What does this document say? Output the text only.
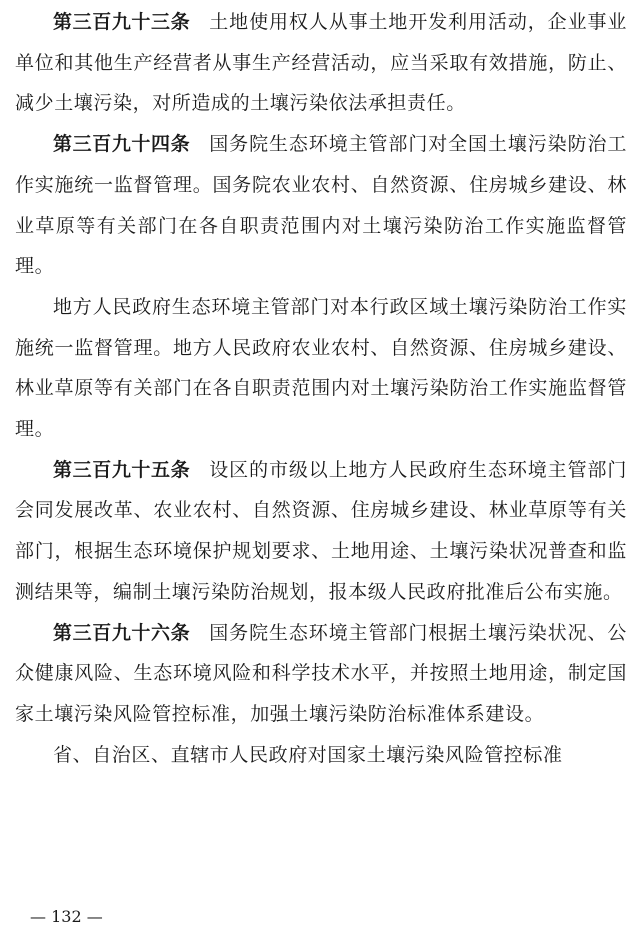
第三百九十三条 土地使用权人从事土地开发利用活动，企业事业单位和其他生产经营者从事生产经营活动，应当采取有效措施，防止、减少土壤污染，对所造成的土壤污染依法承担责任。

第三百九十四条 国务院生态环境主管部门对全国土壤污染防治工作实施统一监督管理。国务院农业农村、自然资源、住房城乡建设、林业草原等有关部门在各自职责范围内对土壤污染防治工作实施监督管理。

地方人民政府生态环境主管部门对本行政区域土壤污染防治工作实施统一监督管理。地方人民政府农业农村、自然资源、住房城乡建设、林业草原等有关部门在各自职责范围内对土壤污染防治工作实施监督管理。

第三百九十五条 设区的市级以上地方人民政府生态环境主管部门会同发展改革、农业农村、自然资源、住房城乡建设、林业草原等有关部门，根据生态环境保护规划要求、土地用途、土壤污染状况普查和监测结果等，编制土壤污染防治规划，报本级人民政府批准后公布实施。

第三百九十六条 国务院生态环境主管部门根据土壤污染状况、公众健康风险、生态环境风险和科学技术水平，并按照土地用途，制定国家土壤污染风险管控标准，加强土壤污染防治标准体系建设。

省、自治区、直辖市人民政府对国家土壤污染风险管控标准

— 132 —
